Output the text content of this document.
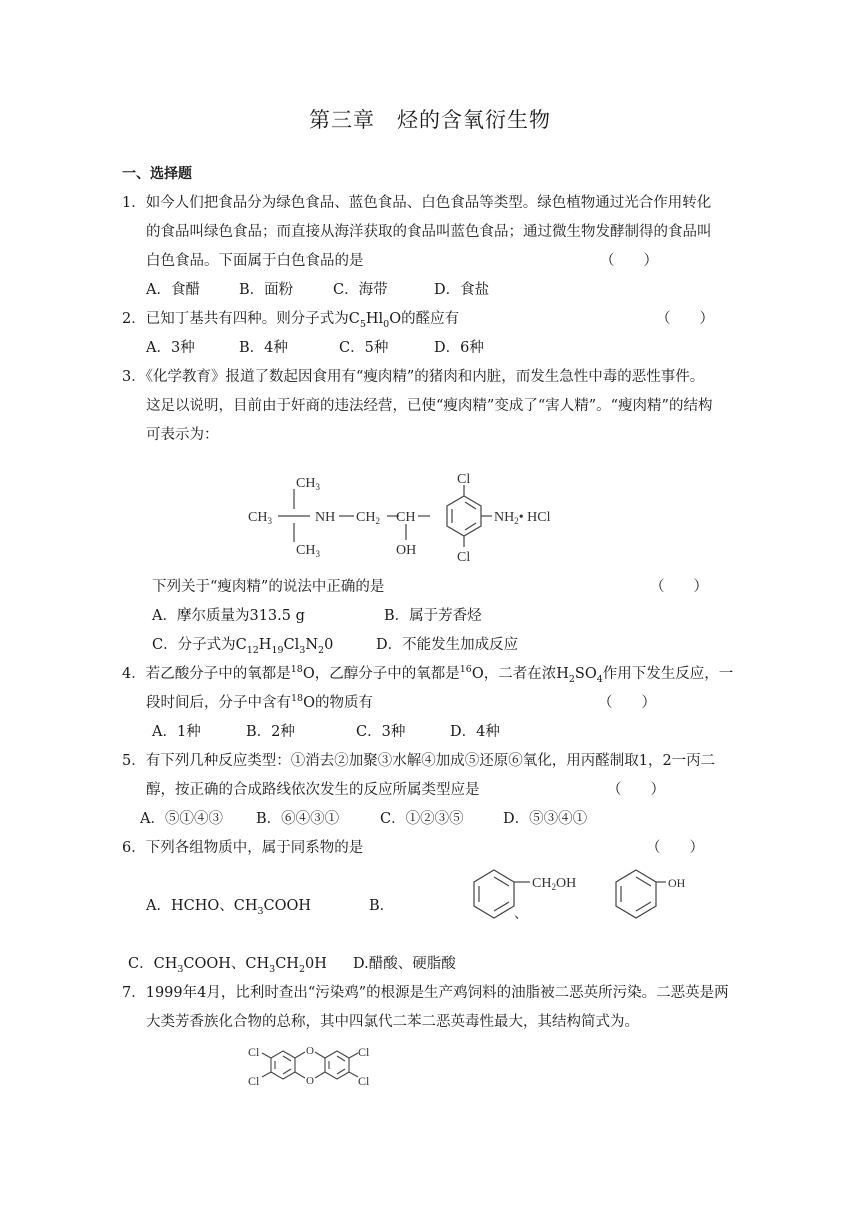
第三章　烃的含氧衍生物
一、选择题
1．如今人们把食品分为绿色食品、蓝色食品、白色食品等类型。绿色植物通过光合作用转化
的食品叫绿色食品；而直接从海洋获取的食品叫蓝色食品；通过微生物发酵制得的食品叫
白色食品。下面属于白色食品的是	（　　）
A．食醋	B．面粉	C．海带	D．食盐
2．已知丁基共有四种。则分子式为$C_5Hl_0O$的醛应有	（　　）
A．3种	B．4种	C．5种	D．6种
3．《化学教育》报道了数起因食用有“瘦肉精”的猪肉和内脏，而发生急性中毒的恶性事件。
这足以说明，目前由于奸商的违法经营，已使“瘦肉精”变成了“害人精”。“瘦肉精”的结构
可表示为：
$CH_3$
$CH_3$
$CH_3$	NH $CH_2$ CH
OH
Cl
Cl
$NH_2•$ HCl
下列关于“瘦肉精”的说法中正确的是	（　　）
A．摩尔质量为313.5 g	B．属于芳香烃
C．分子式为$C_{12}H_{19}Cl_3N_20$	D．不能发生加成反应
4．若乙酸分子中的氧都是$^{18}$O，乙醇分子中的氧都是$^{16}$O，二者在浓$H_2SO_4$作用下发生反应，一
段时间后，分子中含有$^{18}$O的物质有	（　　）
A．1种	B．2种	C．3种	D．4种
5．有下列几种反应类型：①消去②加聚③水解④加成⑤还原⑥氧化，用丙醛制取1，2一丙二
醇，按正确的合成路线依次发生的反应所属类型应是	（　　）
A．⑤①④③ B．⑥④③①	C．①②③⑤	D．⑤③④①
6．下列各组物质中，属于同系物的是	（　　）
A．HCHO、$CH_3COOH$	B．
$CH_2OH$
、
OH
C．$CH_3COOH$、$CH_3CH_20H$ D.醋酸、硬脂酸
7．1999年4月，比利时查出“污染鸡”的根源是生产鸡饲料的油脂被二恶英所污染。二恶英是两
大类芳香族化合物的总称，其中四氯代二苯二恶英毒性最大，其结构简式为。
Cl
Cl
Cl
Cl
O
O
